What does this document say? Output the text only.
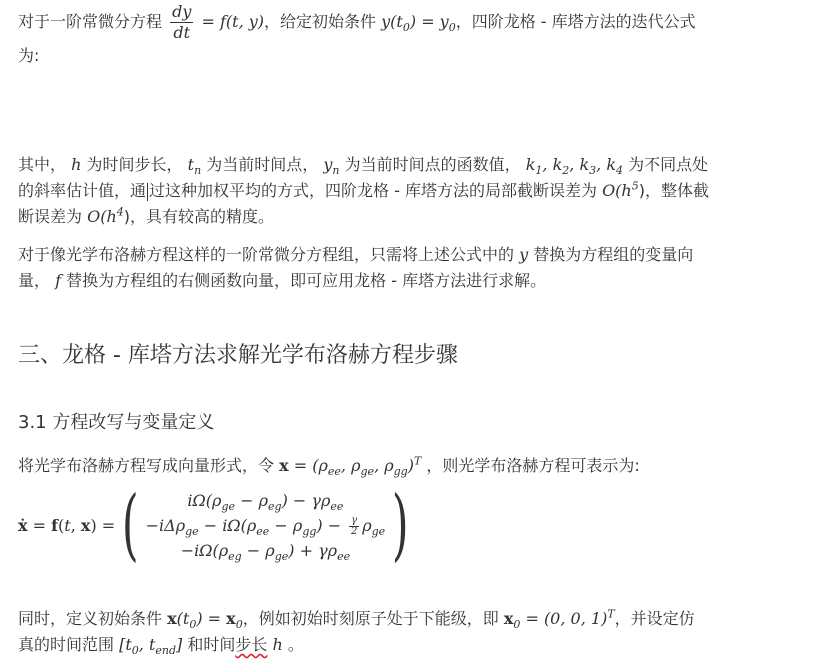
对于一阶常微分方程 $\frac{dy}{dt} = f(t$, y)，给定初始条件 $y(t_0) = y_0$，四阶龙格 - 库塔方法的迭代公式
为:
其中， h 为时间步长， $t_n$ 为当前时间点， $y_n$ 为当前时间点的函数值， $k_1$, $k_2$, $k_3$, $k_4$ 为不同点处
的斜率估计值，通 过这种加权平均的方式，四阶龙格 - 库塔方法的局部截断误差为 $O(h^5)$，整体截
断误差为 $O(h^4)$，具有较高的精度。
对于像光学布洛赫方程这样的一阶常微分方程组，只需将上述公式中的 y 替换为方程组的变量向
量， f 替换为方程组的右侧函数向量，即可应用龙格 - 库塔方法进行求解。
三、龙格 - 库塔方法求解光学布洛赫方程步骤
3.1 方程改写与变量定义
将光学布洛赫方程写成向量形式，令 $x = (\rho_{ee}$, $\rho_{ge}$, $\rho_{gg})^T$ ，则光学布洛赫方程可表示为:
ẋ
=
f ( t ,
x )
= (	$i\Omega(\rho_{ge} - \rho_{eg}) - \gamma\rho_{ee}$
$-i\Delta\rho_{ge} - i\Omega(\rho_{ee} - \rho_{gg}) - \frac{\gamma}{2} \rho_{ge}$
$-i\Omega(\rho_{eg} - \rho_{ge}) + \gamma\rho_{ee}$ )
同时，定义初始条件 $x(t_0) = x_0$，例如初始时刻原子处于下能级，即 $x_0 = (0$, 0, 1)$^T$，并设定仿
真的时间范围 [$t_0$, $t_{end}$] 和时间步长 h 。
